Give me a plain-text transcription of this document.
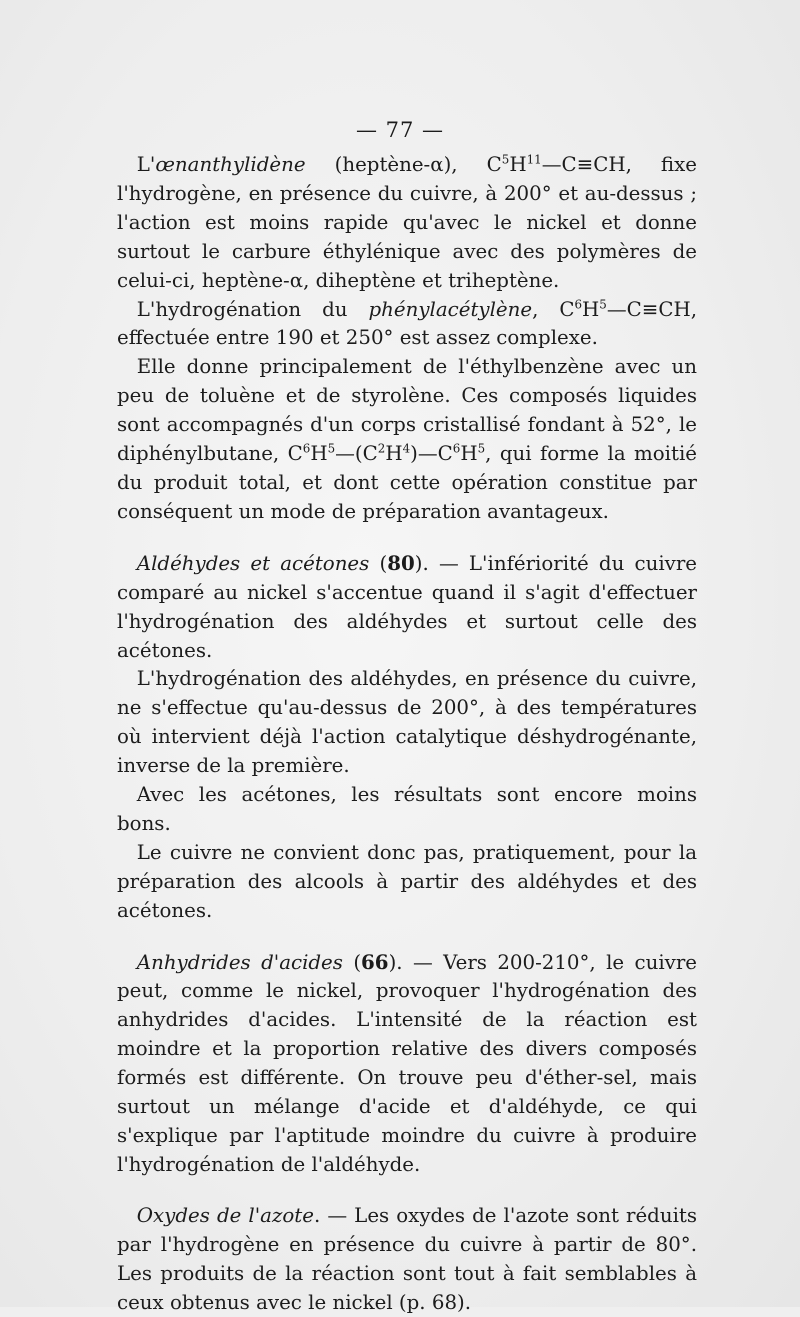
— 77 —

L'œnanthylidène (heptène-α), $C^5H^{11}—C\equiv CH$, fixe l'hydrogène, en présence du cuivre, à 200° et au-dessus ; l'action est moins rapide qu'avec le nickel et donne surtout le carbure éthylénique avec des polymères de celui-ci, heptène-α, diheptène et triheptène.

L'hydrogénation du phénylacétylène, $C^6H^5—C\equiv CH$, effectuée entre 190 et 250° est assez complexe.

Elle donne principalement de l'éthylbenzène avec un peu de toluène et de styrolène. Ces composés liquides sont accompagnés d'un corps cristallisé fondant à 52°, le diphénylbutane, $C^6H^5—(C^2H^4)—C^6H^5$, qui forme la moitié du produit total, et dont cette opération constitue par conséquent un mode de préparation avantageux.

Aldéhydes et acétones (80). — L'infériorité du cuivre comparé au nickel s'accentue quand il s'agit d'effectuer l'hydrogénation des aldéhydes et surtout celle des acétones.

L'hydrogénation des aldéhydes, en présence du cuivre, ne s'effectue qu'au-dessus de 200°, à des températures où intervient déjà l'action catalytique déshydrogénante, inverse de la première.

Avec les acétones, les résultats sont encore moins bons.

Le cuivre ne convient donc pas, pratiquement, pour la préparation des alcools à partir des aldéhydes et des acétones.

Anhydrides d'acides (66). — Vers 200-210°, le cuivre peut, comme le nickel, provoquer l'hydrogénation des anhydrides d'acides. L'intensité de la réaction est moindre et la proportion relative des divers composés formés est différente. On trouve peu d'éther-sel, mais surtout un mélange d'acide et d'aldéhyde, ce qui s'explique par l'aptitude moindre du cuivre à produire l'hydrogénation de l'aldéhyde.

Oxydes de l'azote. — Les oxydes de l'azote sont réduits par l'hydrogène en présence du cuivre à partir de 80°. Les produits de la réaction sont tout à fait semblables à ceux obtenus avec le nickel (p. 68).
